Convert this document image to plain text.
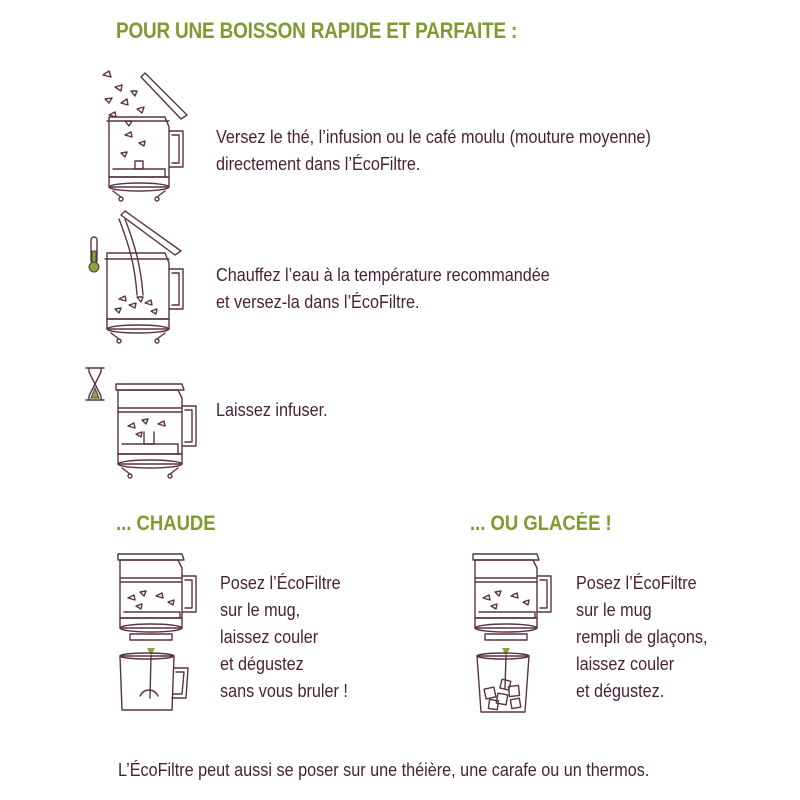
POUR UNE BOISSON RAPIDE ET PARFAITE :
Versez le thé, l’infusion ou le café moulu (mouture moyenne)
directement dans l’ÉcoFiltre.
Chauffez l’eau à la température recommandée
et versez-la dans l’ÉcoFiltre.
Laissez infuser.
... CHAUDE
Posez l’ÉcoFiltre
sur le mug,
laissez couler
et dégustez
sans vous bruler !
... OU GLACÉE !
Posez l’ÉcoFiltre
sur le mug
rempli de glaçons,
laissez couler
et dégustez.
L’ÉcoFiltre peut aussi se poser sur une théière, une carafe ou un thermos.
